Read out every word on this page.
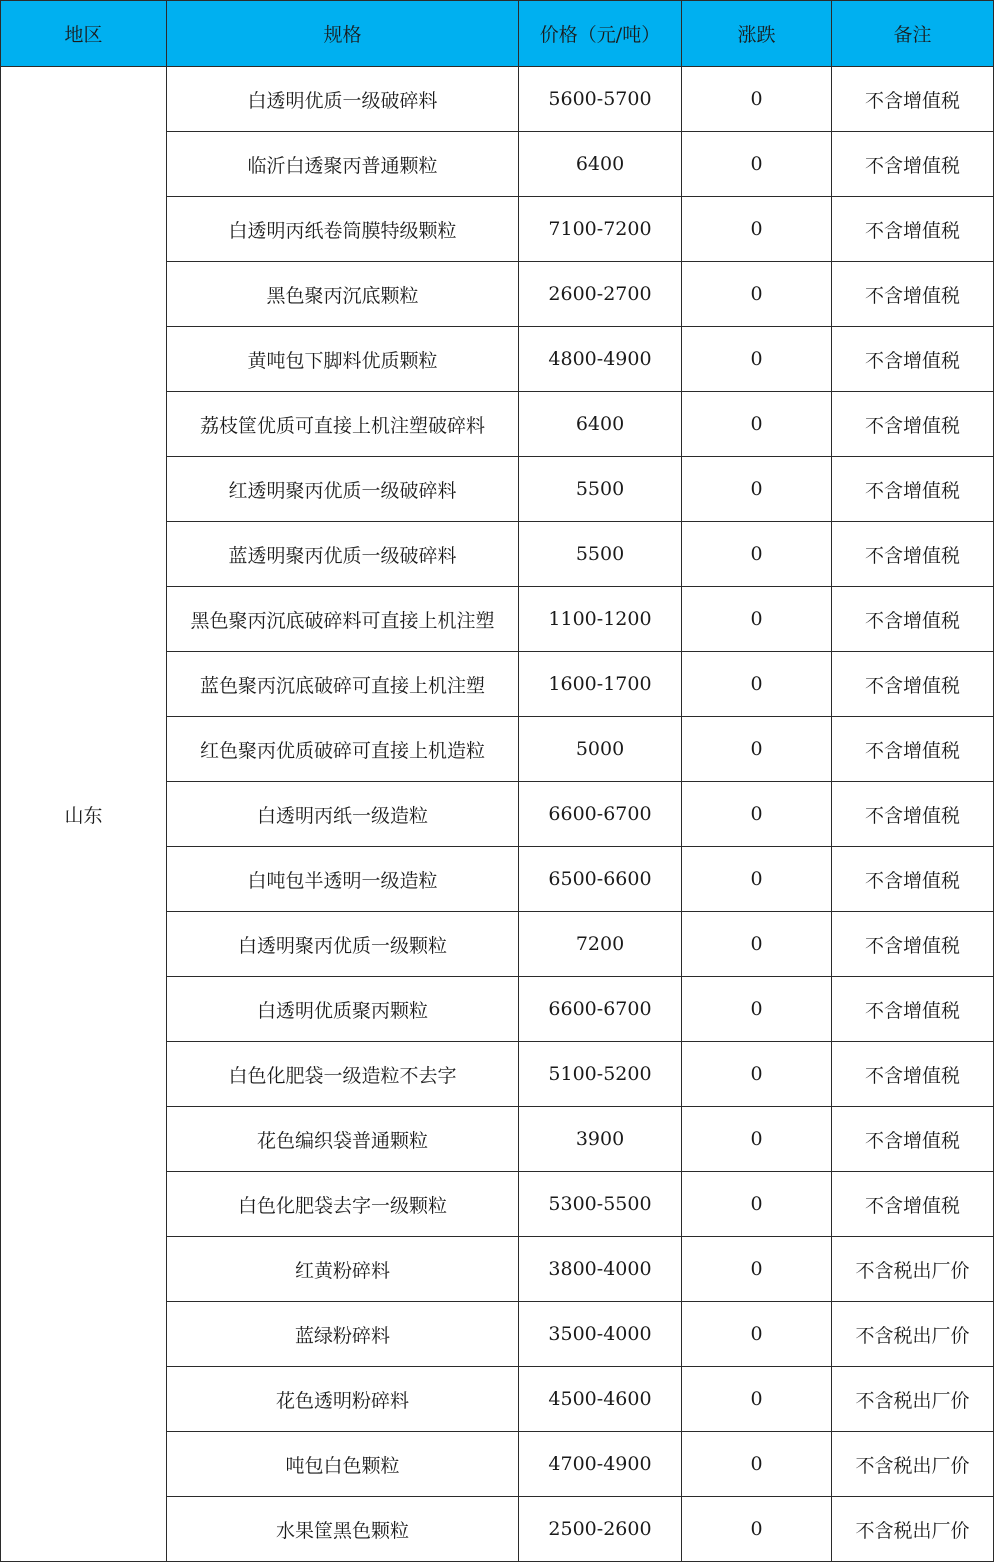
地区	规格	价格（元/吨）	涨跌	备注
山东	白透明优质一级破碎料	5600-5700	0	不含增值税
	临沂白透聚丙普通颗粒	6400	0	不含增值税
	白透明丙纸卷筒膜特级颗粒	7100-7200	0	不含增值税
	黑色聚丙沉底颗粒	2600-2700	0	不含增值税
	黄吨包下脚料优质颗粒	4800-4900	0	不含增值税
	荔枝筐优质可直接上机注塑破碎料	6400	0	不含增值税
	红透明聚丙优质一级破碎料	5500	0	不含增值税
	蓝透明聚丙优质一级破碎料	5500	0	不含增值税
	黑色聚丙沉底破碎料可直接上机注塑	1100-1200	0	不含增值税
	蓝色聚丙沉底破碎可直接上机注塑	1600-1700	0	不含增值税
	红色聚丙优质破碎可直接上机造粒	5000	0	不含增值税
	白透明丙纸一级造粒	6600-6700	0	不含增值税
	白吨包半透明一级造粒	6500-6600	0	不含增值税
	白透明聚丙优质一级颗粒	7200	0	不含增值税
	白透明优质聚丙颗粒	6600-6700	0	不含增值税
	白色化肥袋一级造粒不去字	5100-5200	0	不含增值税
	花色编织袋普通颗粒	3900	0	不含增值税
	白色化肥袋去字一级颗粒	5300-5500	0	不含增值税
	红黄粉碎料	3800-4000	0	不含税出厂价
	蓝绿粉碎料	3500-4000	0	不含税出厂价
	花色透明粉碎料	4500-4600	0	不含税出厂价
	吨包白色颗粒	4700-4900	0	不含税出厂价
	水果筐黑色颗粒	2500-2600	0	不含税出厂价
